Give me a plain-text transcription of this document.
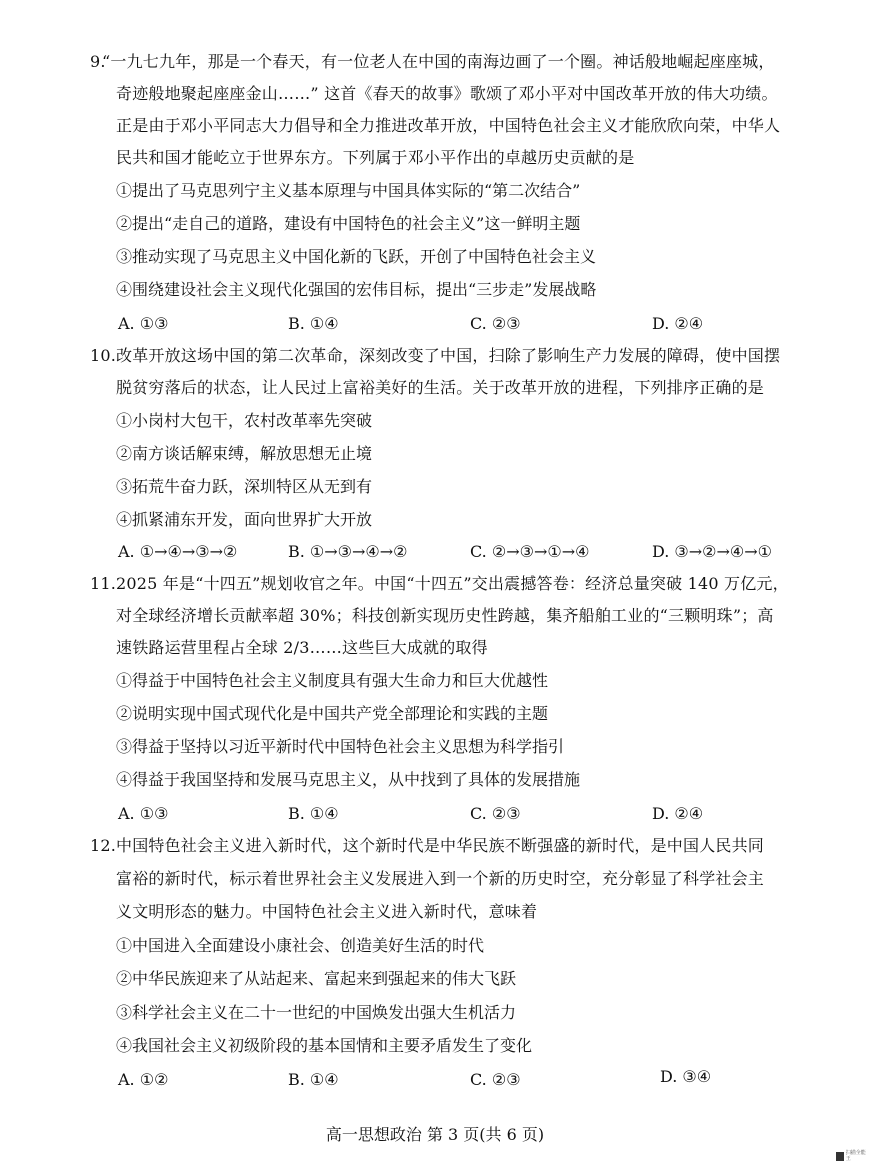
9.
“一九七九年，那是一个春天，有一位老人在中国的南海边画了一个圈。神话般地崛起座座城，
奇迹般地聚起座座金山……” 这首《春天的故事》歌颂了邓小平对中国改革开放的伟大功绩。
正是由于邓小平同志大力倡导和全力推进改革开放，中国特色社会主义才能欣欣向荣，中华人
民共和国才能屹立于世界东方。下列属于邓小平作出的卓越历史贡献的是
①提出了马克思列宁主义基本原理与中国具体实际的“第二次结合”
②提出“走自己的道路，建设有中国特色的社会主义”这一鲜明主题
③推动实现了马克思主义中国化新的飞跃，开创了中国特色社会主义
④围绕建设社会主义现代化强国的宏伟目标，提出“三步走”发展战略
A. ①③	B. ①④	C. ②③	D. ②④
10. 改革开放这场中国的第二次革命，深刻改变了中国，扫除了影响生产力发展的障碍，使中国摆
脱贫穷落后的状态，让人民过上富裕美好的生活。关于改革开放的进程，下列排序正确的是
①小岗村大包干，农村改革率先突破
②南方谈话解束缚，解放思想无止境
③拓荒牛奋力跃，深圳特区从无到有
④抓紧浦东开发，面向世界扩大开放
A. ①→④→③→②	B. ①→③→④→②	C. ②→③→①→④	D. ③→②→④→①
11. 2025 年是“十四五”规划收官之年。中国“十四五”交出震撼答卷：经济总量突破 140 万亿元，
对全球经济增长贡献率超 30%；科技创新实现历史性跨越，集齐船舶工业的“三颗明珠”；高
速铁路运营里程占全球 2/3……这些巨大成就的取得
①得益于中国特色社会主义制度具有强大生命力和巨大优越性
②说明实现中国式现代化是中国共产党全部理论和实践的主题
③得益于坚持以习近平新时代中国特色社会主义思想为科学指引
④得益于我国坚持和发展马克思主义，从中找到了具体的发展措施
A. ①③	B. ①④	C. ②③	D. ②④
12. 中国特色社会主义进入新时代，这个新时代是中华民族不断强盛的新时代，是中国人民共同
富裕的新时代，标示着世界社会主义发展进入到一个新的历史时空，充分彰显了科学社会主
义文明形态的魅力。中国特色社会主义进入新时代，意味着
①中国进入全面建设小康社会、创造美好生活的时代
②中华民族迎来了从站起来、富起来到强起来的伟大飞跃
③科学社会主义在二十一世纪的中国焕发出强大生机活力
④我国社会主义初级阶段的基本国情和主要矛盾发生了变化
A. ①②	B. ①④	C. ②③	D. ③④
高一思想政治 第 3 页(共 6 页)
扫描全能王
